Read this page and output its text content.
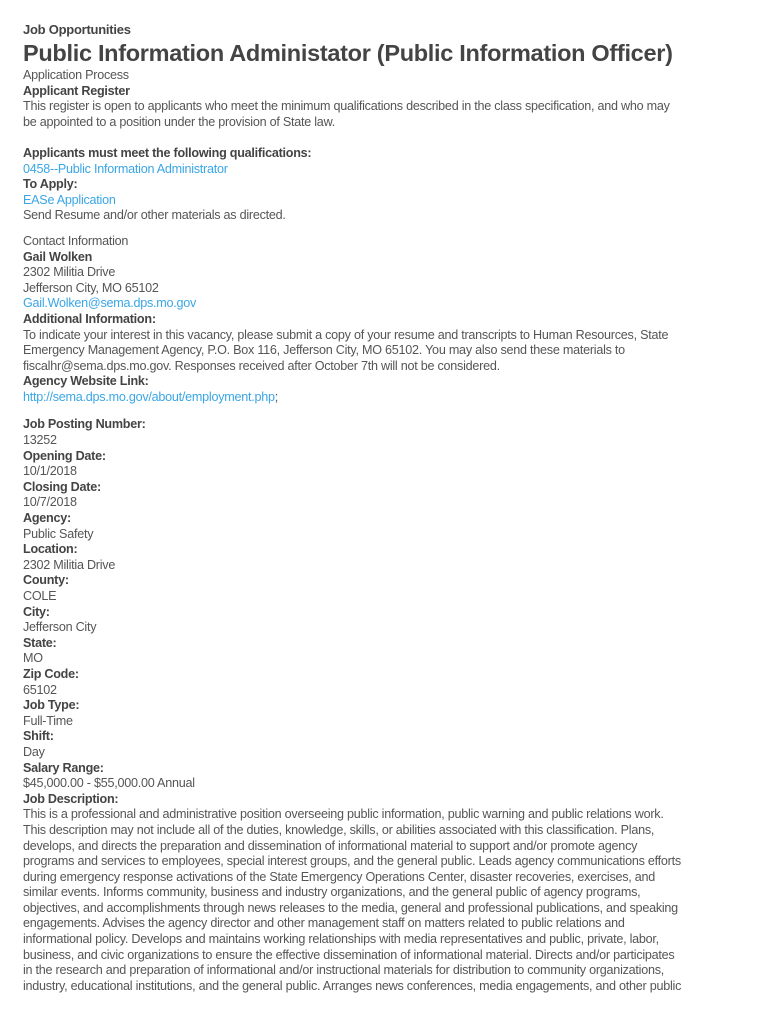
Job Opportunities
Public Information Administator (Public Information Officer)
Application Process
Applicant Register
This register is open to applicants who meet the minimum qualifications described in the class specification, and who may
be appointed to a position under the provision of State law.
Applicants must meet the following qualifications:
0458--Public Information Administrator
To Apply:
EASe Application
Send Resume and/or other materials as directed.
Contact Information
Gail Wolken
2302 Militia Drive
Jefferson City, MO 65102
Gail.Wolken@sema.dps.mo.gov
Additional Information:
To indicate your interest in this vacancy, please submit a copy of your resume and transcripts to Human Resources, State
Emergency Management Agency, P.O. Box 116, Jefferson City, MO 65102. You may also send these materials to
fiscalhr@sema.dps.mo.gov. Responses received after October 7th will not be considered.
Agency Website Link:
http://sema.dps.mo.gov/about/employment.php;
Job Posting Number:
13252
Opening Date:
10/1/2018
Closing Date:
10/7/2018
Agency:
Public Safety
Location:
2302 Militia Drive
County:
COLE
City:
Jefferson City
State:
MO
Zip Code:
65102
Job Type:
Full-Time
Shift:
Day
Salary Range:
$45,000.00 - $55,000.00 Annual
Job Description:
This is a professional and administrative position overseeing public information, public warning and public relations work.
This description may not include all of the duties, knowledge, skills, or abilities associated with this classification. Plans,
develops, and directs the preparation and dissemination of informational material to support and/or promote agency
programs and services to employees, special interest groups, and the general public. Leads agency communications efforts
during emergency response activations of the State Emergency Operations Center, disaster recoveries, exercises, and
similar events. Informs community, business and industry organizations, and the general public of agency programs,
objectives, and accomplishments through news releases to the media, general and professional publications, and speaking
engagements. Advises the agency director and other management staff on matters related to public relations and
informational policy. Develops and maintains working relationships with media representatives and public, private, labor,
business, and civic organizations to ensure the effective dissemination of informational material. Directs and/or participates
in the research and preparation of informational and/or instructional materials for distribution to community organizations,
industry, educational institutions, and the general public. Arranges news conferences, media engagements, and other public
